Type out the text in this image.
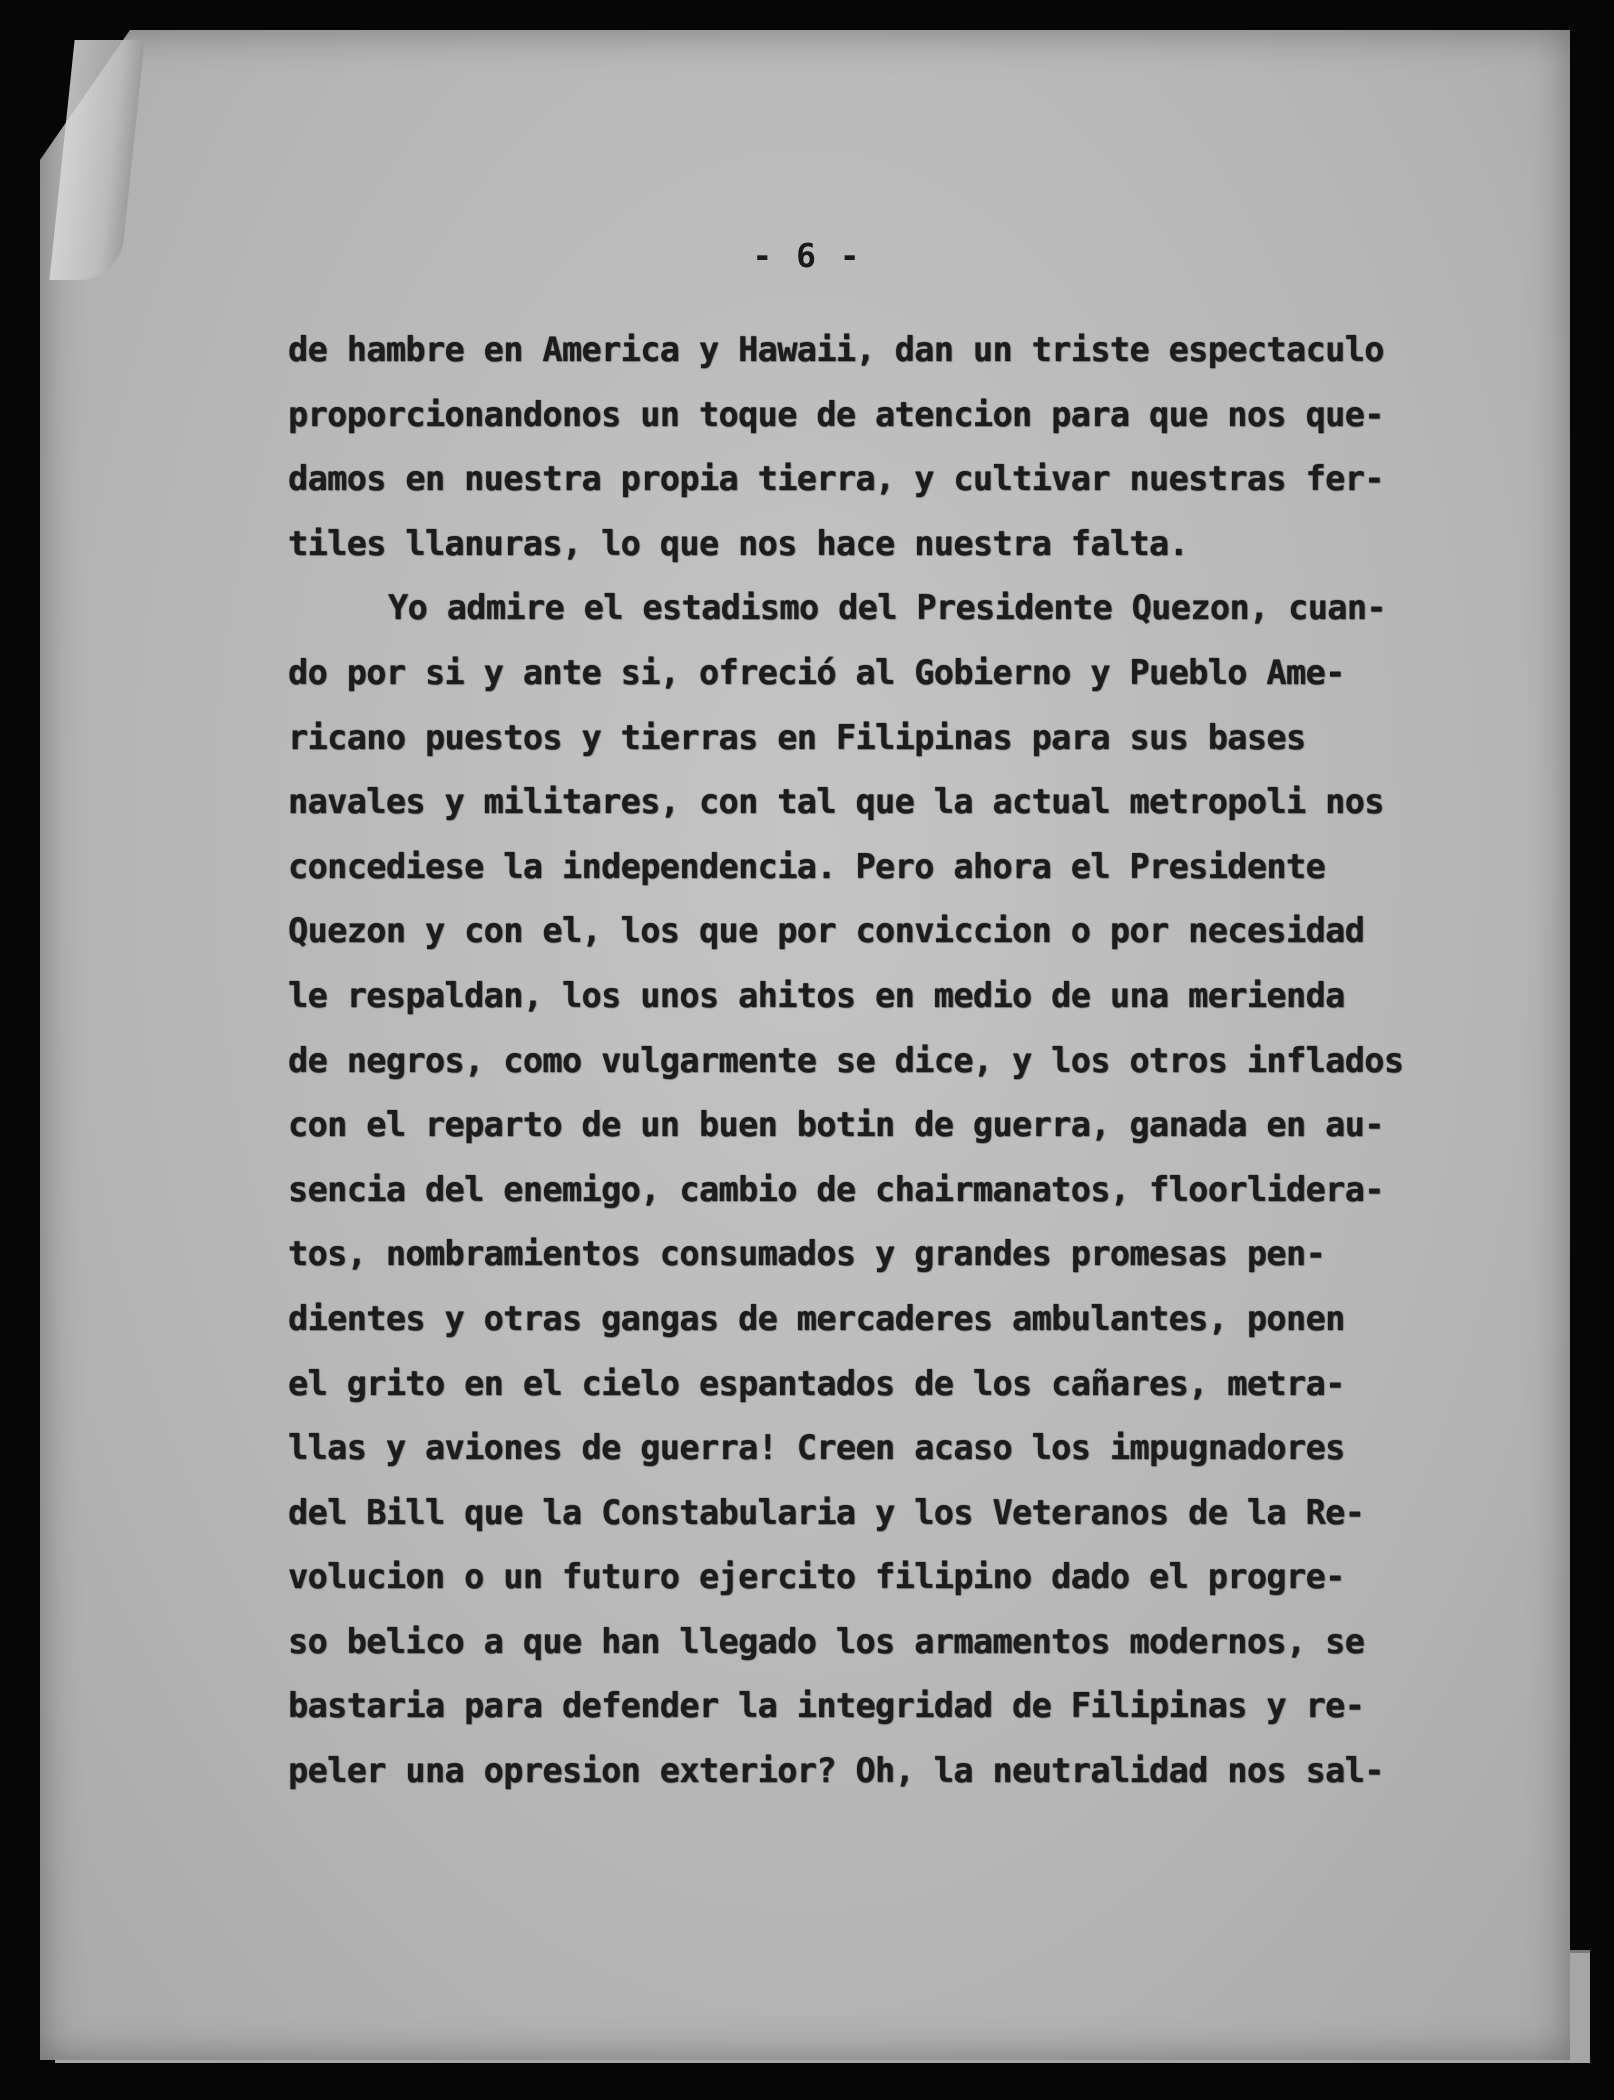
- 6 -
de hambre en America y Hawaii, dan un triste espectaculo
proporcionandonos un toque de atencion para que nos que-
damos en nuestra propia tierra, y cultivar nuestras fer-
tiles llanuras, lo que nos hace nuestra falta.
Yo admire el estadismo del Presidente Quezon, cuan-
do por si y ante si, ofreció al Gobierno y Pueblo Ame-
ricano puestos y tierras en Filipinas para sus bases
navales y militares, con tal que la actual metropoli nos
concediese la independencia. Pero ahora el Presidente
Quezon y con el, los que por conviccion o por necesidad
le respaldan, los unos ahitos en medio de una merienda
de negros, como vulgarmente se dice, y los otros inflados
con el reparto de un buen botin de guerra, ganada en au-
sencia del enemigo, cambio de chairmanatos, floorlidera-
tos, nombramientos consumados y grandes promesas pen-
dientes y otras gangas de mercaderes ambulantes, ponen
el grito en el cielo espantados de los cañares, metra-
llas y aviones de guerra! Creen acaso los impugnadores
del Bill que la Constabularia y los Veteranos de la Re-
volucion o un futuro ejercito filipino dado el progre-
so belico a que han llegado los armamentos modernos, se
bastaria para defender la integridad de Filipinas y re-
peler una opresion exterior? Oh, la neutralidad nos sal-
